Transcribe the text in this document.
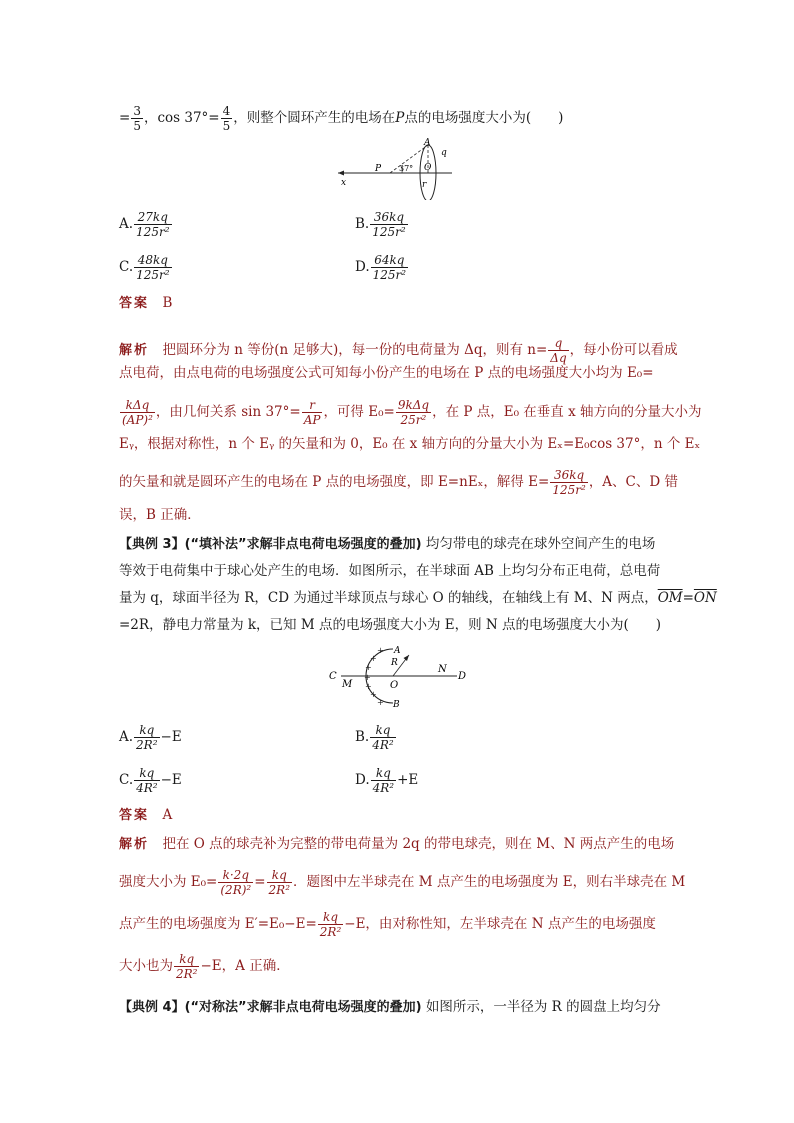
= $\frac{3}{5}$ ，$\cos 37^\circ= \frac{4}{5}$ ，则整个圆环产生的电场在P点的电场强度大小为(　　)
x
P 37°
A
q
O
r
A. $\frac{27kq}{\text{125r²}}$	B. $\frac{36kq}{\text{125r²}}$
C. $\frac{48kq}{\text{125r²}}$	D. $\frac{64kq}{\text{125r²}}$
答案　 B
解析　 把圆环分为 n 等份(n 足够大)，每一份的电荷量为 Δq，则有 $n= \frac{q}{\Delta q}$ ，每小份可以看成
点电荷，由点电荷的电场强度公式可知每小份产生的电场在 P 点的电场强度大小均为 E₀=
$\frac{\text{kΔq}}{\text{(AP)²}}$ ，由几何关系 $\sin 37^\circ= \frac{r}{AP}$ ，可得 $E_0= \frac{\text{9kΔq}}{\text{25r²}}$ ，在 P 点，E₀ 在垂直 x 轴方向的分量大小为
Eᵧ，根据对称性，n 个 Eᵧ 的矢量和为 0，E₀ 在 x 轴方向的分量大小为 Eₓ=E₀cos 37°，n 个 Eₓ
的矢量和就是圆环产生的电场在 P 点的电场强度，即 E=nEₓ，解得 $E= \frac{36kq}{\text{125r²}}$ ，A、C、D 错
误，B 正确．
【典例 3】(“填补法”求解非点电荷电场强度的叠加) 均匀带电的球壳在球外空间产生的电场
等效于电荷集中于球心处产生的电场．如图所示，在半球面 AB 上均匀分布正电荷，总电荷
量为 q，球面半径为 R，CD 为通过半球顶点与球心 O 的轴线，在轴线上有 M、N 两点，$\overline{OM}=\overline{ON}$
=2R，静电力常量为 k，已知 M 点的电场强度大小为 E，则 N 点的电场强度大小为(　　)
+
+
+
+
+
+
+
C
M	O
R
A
B
N
D
A. $\frac{kq}{\text{2R²}} -E$	B. $\frac{kq}{\text{4R²}}$
C. $\frac{kq}{\text{4R²}} -E$	D. $\frac{kq}{\text{4R²}} +E$
答案　 A
解析　 把在 O 点的球壳补为完整的带电荷量为 2q 的带电球壳，则在 M、N 两点产生的电场
强度大小为 $E_0= \frac{k\cdot 2q}{\text{(2R)²}} = \frac{kq}{\text{2R²}}$ ．题图中左半球壳在 M 点产生的电场强度为 E，则右半球壳在 M
点产生的电场强度为 $E'=E_0-E= \frac{kq}{\text{2R²}} -E$，由对称性知，左半球壳在 N 点产生的电场强度
大小也为 $\frac{kq}{\text{2R²}} -E$，A 正确．
【典例 4】(“对称法”求解非点电荷电场强度的叠加) 如图所示，一半径为 R 的圆盘上均匀分
